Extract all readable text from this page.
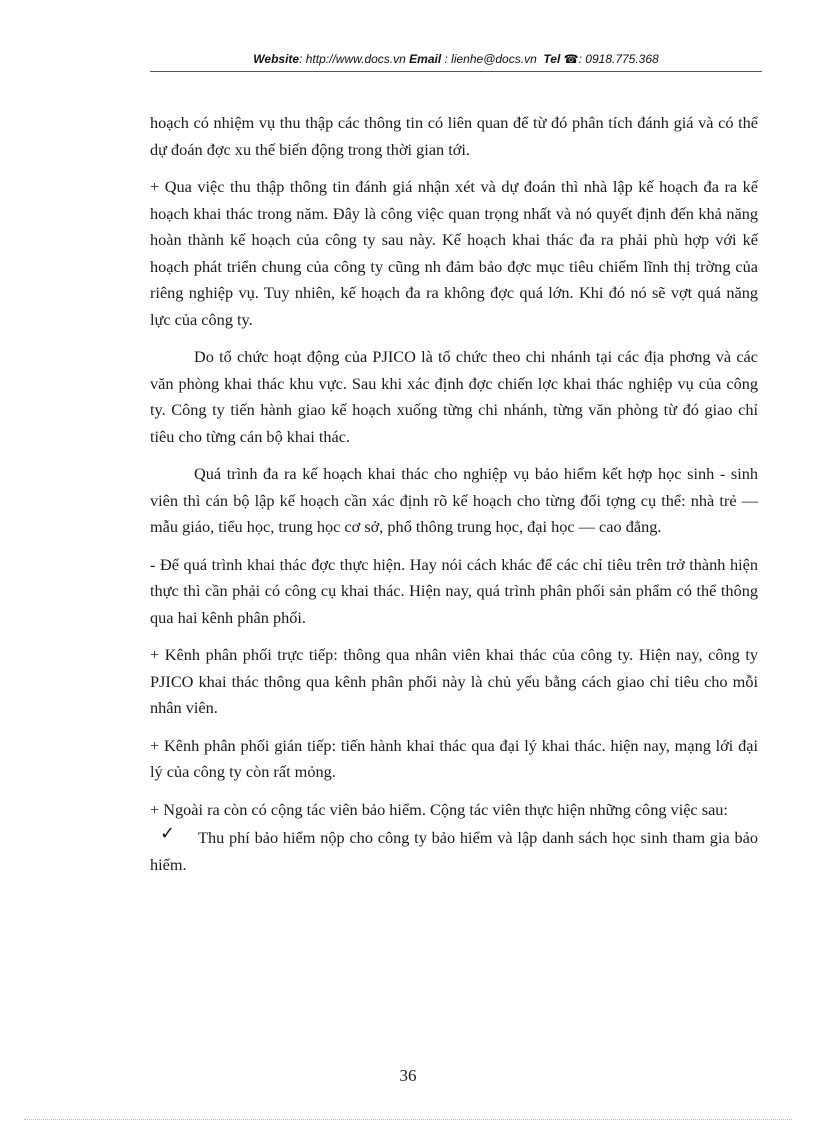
Website: http://www.docs.vn Email : lienhe@docs.vn Tel ☎: 0918.775.368

hoạch có nhiệm vụ thu thập các thông tin có liên quan để từ đó phân tích đánh giá và có thể dự đoán đợc xu thế biến động trong thời gian tới.

+ Qua việc thu thập thông tin đánh giá nhận xét và dự đoán thì nhà lập kế hoạch đa ra kế hoạch khai thác trong năm. Đây là công việc quan trọng nhất và nó quyết định đến khả năng hoàn thành kế hoạch của công ty sau này. Kế hoạch khai thác đa ra phải phù hợp với kế hoạch phát triển chung của công ty cũng nh đảm bảo đợc mục tiêu chiếm lĩnh thị trờng của riêng nghiệp vụ. Tuy nhiên, kế hoạch đa ra không đợc quá lớn. Khi đó nó sẽ vợt quá năng lực của công ty.

Do tổ chức hoạt động của PJICO là tổ chức theo chi nhánh tại các địa phơng và các văn phòng khai thác khu vực. Sau khi xác định đợc chiến lợc khai thác nghiệp vụ của công ty. Công ty tiến hành giao kế hoạch xuống từng chi nhánh, từng văn phòng từ đó giao chỉ tiêu cho từng cán bộ khai thác.

Quá trình đa ra kế hoạch khai thác cho nghiệp vụ bảo hiểm kết hợp học sinh - sinh viên thì cán bộ lập kế hoạch cần xác định rõ kế hoạch cho từng đối tợng cụ thể: nhà trẻ — mẫu giáo, tiểu học, trung học cơ sở, phổ thông trung học, đại học — cao đẳng.

- Để quá trình khai thác đợc thực hiện. Hay nói cách khác để các chỉ tiêu trên trở thành hiện thực thì cần phải có công cụ khai thác. Hiện nay, quá trình phân phối sản phẩm có thể thông qua hai kênh phân phối.

+ Kênh phân phối trực tiếp: thông qua nhân viên khai thác của công ty. Hiện nay, công ty PJICO khai thác thông qua kênh phân phối này là chủ yếu bằng cách giao chỉ tiêu cho mỗi nhân viên.

+ Kênh phân phối gián tiếp: tiến hành khai thác qua đại lý khai thác. hiện nay, mạng lới đại lý của công ty còn rất mỏng.

+ Ngoài ra còn có cộng tác viên bảo hiểm. Cộng tác viên thực hiện những công việc sau:

✓	Thu phí bảo hiểm nộp cho công ty bảo hiểm và lập danh sách học sinh tham gia bảo hiểm.
36
